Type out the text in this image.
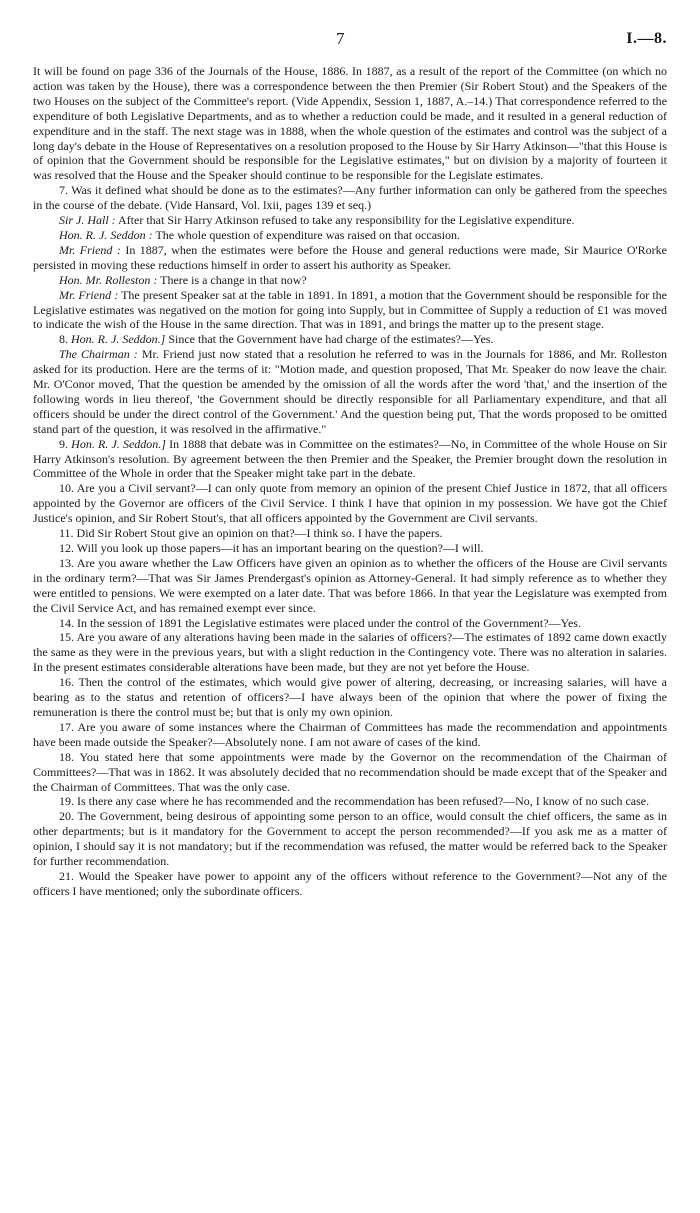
7	I.—8.

It will be found on page 336 of the Journals of the House, 1886. In 1887, as a result of the report of the Committee (on which no action was taken by the House), there was a correspondence between the then Premier (Sir Robert Stout) and the Speakers of the two Houses on the subject of the Committee's report. (Vide Appendix, Session 1, 1887, A.–14.) That correspondence referred to the expenditure of both Legislative Departments, and as to whether a reduction could be made, and it resulted in a general reduction of expenditure and in the staff. The next stage was in 1888, when the whole question of the estimates and control was the subject of a long day's debate in the House of Representatives on a resolution proposed to the House by Sir Harry Atkinson—"that this House is of opinion that the Government should be responsible for the Legislative estimates," but on division by a majority of fourteen it was resolved that the House and the Speaker should continue to be responsible for the Legislate estimates.

7. Was it defined what should be done as to the estimates?—Any further information can only be gathered from the speeches in the course of the debate. (Vide Hansard, Vol. lxii, pages 139 et seq.)

Sir J. Hall : After that Sir Harry Atkinson refused to take any responsibility for the Legislative expenditure.

Hon. R. J. Seddon : The whole question of expenditure was raised on that occasion.

Mr. Friend : In 1887, when the estimates were before the House and general reductions were made, Sir Maurice O'Rorke persisted in moving these reductions himself in order to assert his authority as Speaker.

Hon. Mr. Rolleston : There is a change in that now?

Mr. Friend : The present Speaker sat at the table in 1891. In 1891, a motion that the Government should be responsible for the Legislative estimates was negatived on the motion for going into Supply, but in Committee of Supply a reduction of £1 was moved to indicate the wish of the House in the same direction. That was in 1891, and brings the matter up to the present stage.

8. Hon. R. J. Seddon.] Since that the Government have had charge of the estimates?—Yes.

The Chairman : Mr. Friend just now stated that a resolution he referred to was in the Journals for 1886, and Mr. Rolleston asked for its production. Here are the terms of it: "Motion made, and question proposed, That Mr. Speaker do now leave the chair. Mr. O'Conor moved, That the question be amended by the omission of all the words after the word 'that,' and the insertion of the following words in lieu thereof, 'the Government should be directly responsible for all Parliamentary expenditure, and that all officers should be under the direct control of the Government.' And the question being put, That the words proposed to be omitted stand part of the question, it was resolved in the affirmative."

9. Hon. R. J. Seddon.] In 1888 that debate was in Committee on the estimates?—No, in Committee of the whole House on Sir Harry Atkinson's resolution. By agreement between the then Premier and the Speaker, the Premier brought down the resolution in Committee of the Whole in order that the Speaker might take part in the debate.

10. Are you a Civil servant?—I can only quote from memory an opinion of the present Chief Justice in 1872, that all officers appointed by the Governor are officers of the Civil Service. I think I have that opinion in my possession. We have got the Chief Justice's opinion, and Sir Robert Stout's, that all officers appointed by the Government are Civil servants.

11. Did Sir Robert Stout give an opinion on that?—I think so. I have the papers.

12. Will you look up those papers—it has an important bearing on the question?—I will.

13. Are you aware whether the Law Officers have given an opinion as to whether the officers of the House are Civil servants in the ordinary term?—That was Sir James Prendergast's opinion as Attorney-General. It had simply reference as to whether they were entitled to pensions. We were exempted on a later date. That was before 1866. In that year the Legislature was exempted from the Civil Service Act, and has remained exempt ever since.

14. In the session of 1891 the Legislative estimates were placed under the control of the Government?—Yes.

15. Are you aware of any alterations having been made in the salaries of officers?—The estimates of 1892 came down exactly the same as they were in the previous years, but with a slight reduction in the Contingency vote. There was no alteration in salaries. In the present estimates considerable alterations have been made, but they are not yet before the House.

16. Then the control of the estimates, which would give power of altering, decreasing, or increasing salaries, will have a bearing as to the status and retention of officers?—I have always been of the opinion that where the power of fixing the remuneration is there the control must be; but that is only my own opinion.

17. Are you aware of some instances where the Chairman of Committees has made the recommendation and appointments have been made outside the Speaker?—Absolutely none. I am not aware of cases of the kind.

18. You stated here that some appointments were made by the Governor on the recommendation of the Chairman of Committees?—That was in 1862. It was absolutely decided that no recommendation should be made except that of the Speaker and the Chairman of Committees. That was the only case.

19. Is there any case where he has recommended and the recommendation has been refused?—No, I know of no such case.

20. The Government, being desirous of appointing some person to an office, would consult the chief officers, the same as in other departments; but is it mandatory for the Government to accept the person recommended?—If you ask me as a matter of opinion, I should say it is not mandatory; but if the recommendation was refused, the matter would be referred back to the Speaker for further recommendation.

21. Would the Speaker have power to appoint any of the officers without reference to the Government?—Not any of the officers I have mentioned; only the subordinate officers.
